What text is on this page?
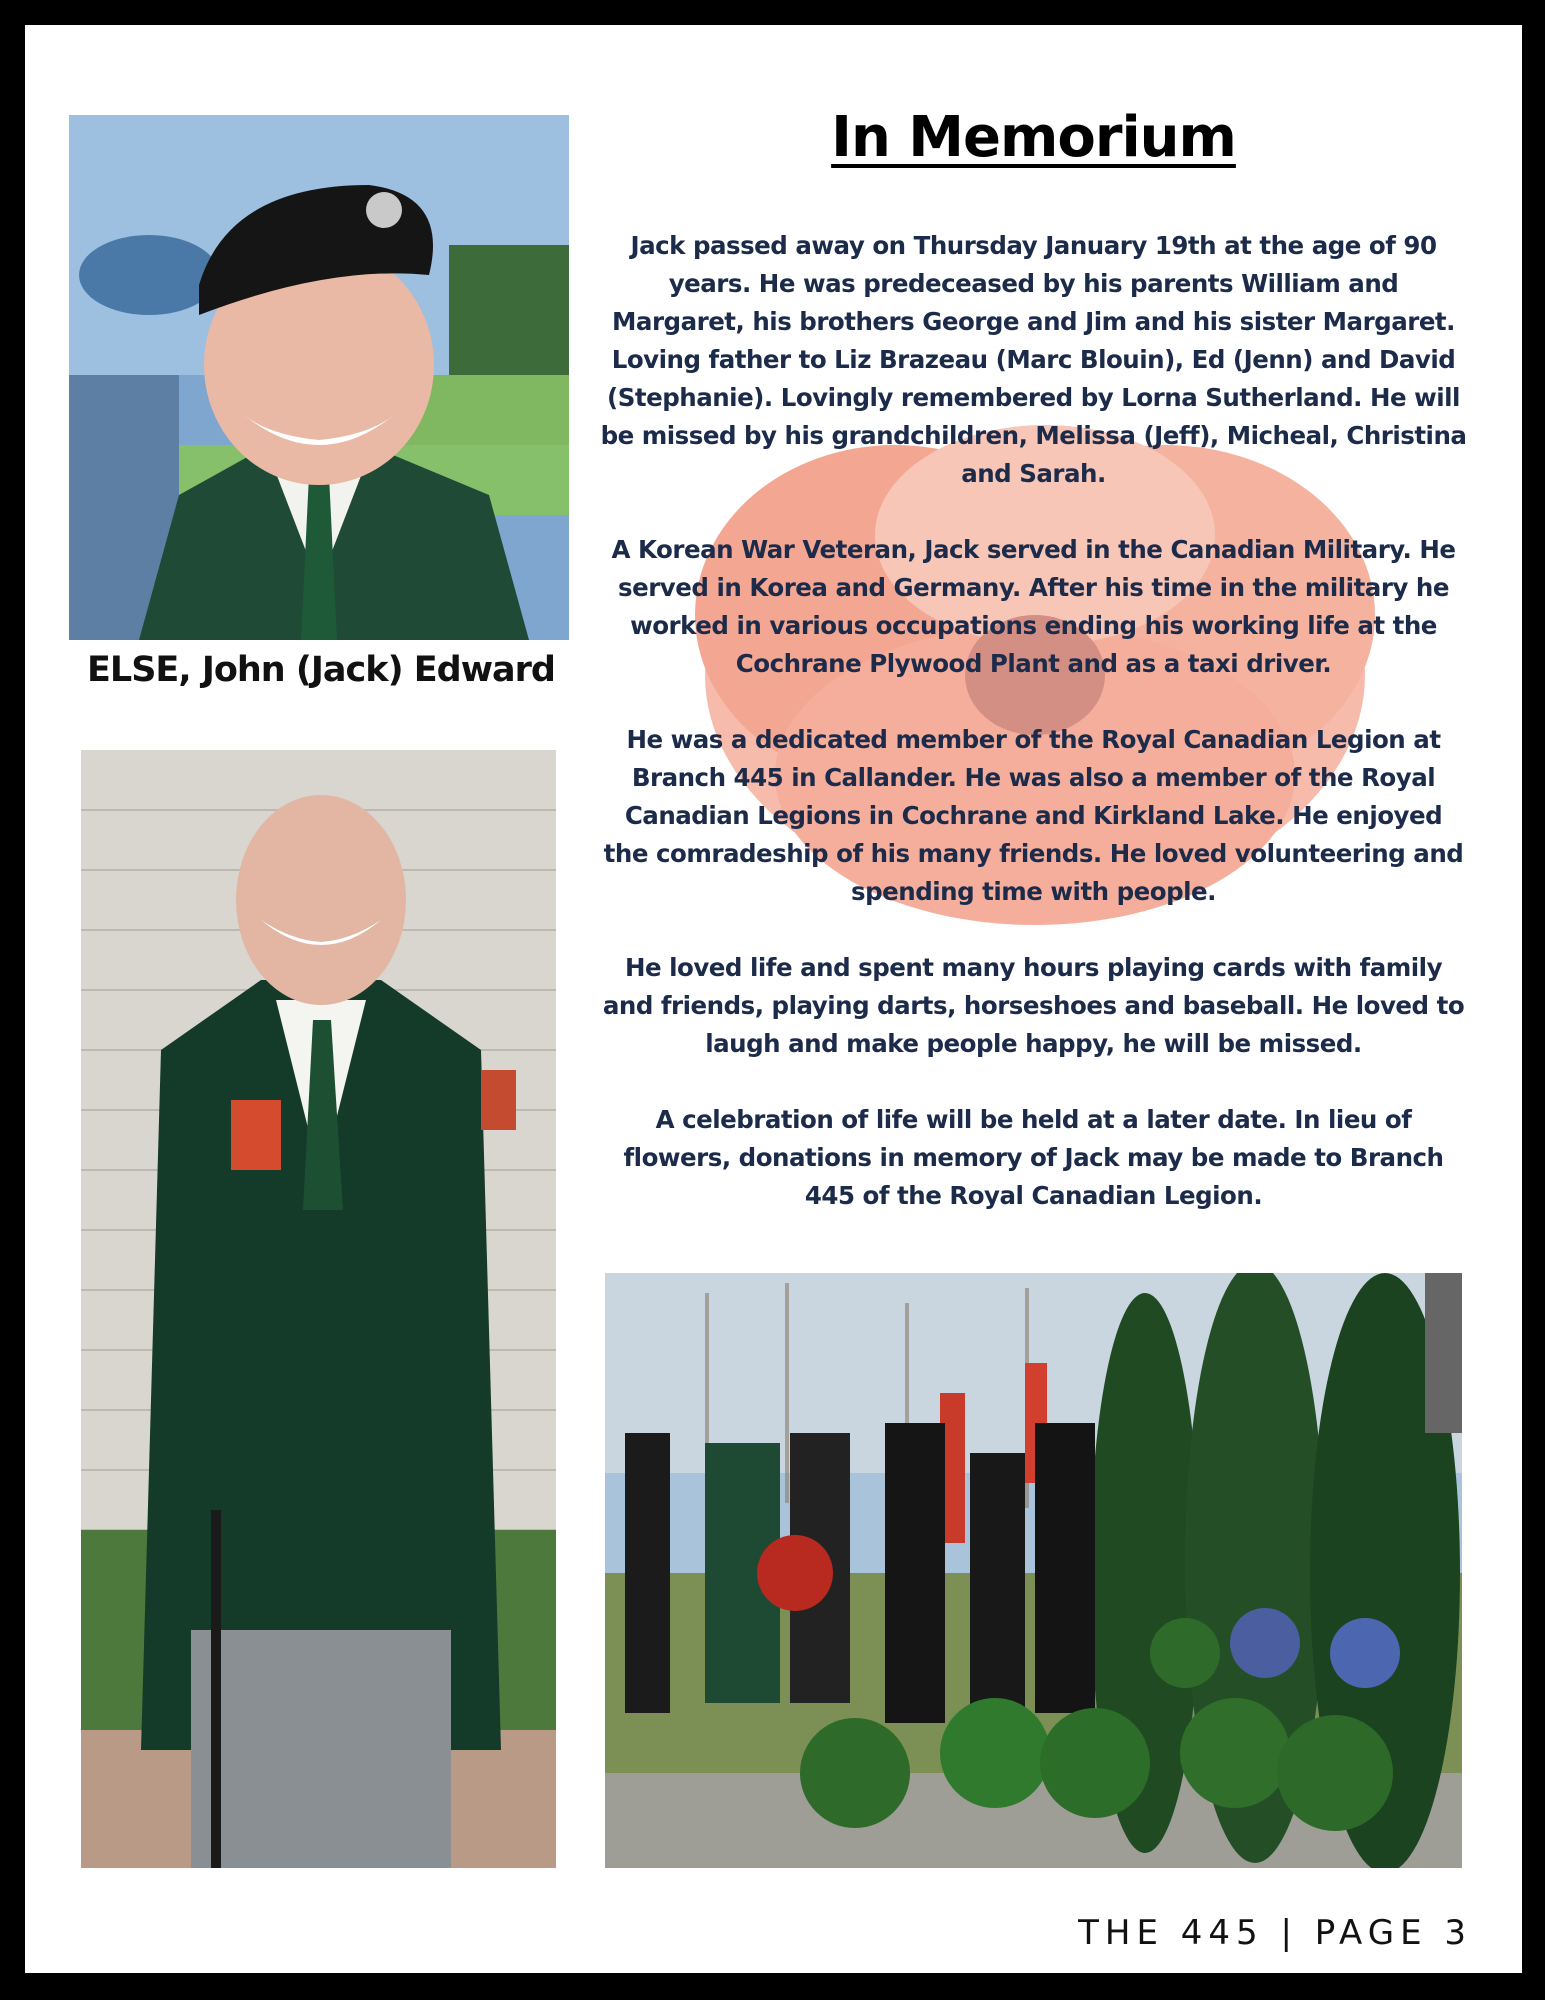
ELSE, John (Jack) Edward
In Memorium

Jack passed away on Thursday January 19th at the age of 90 years. He was predeceased by his parents William and Margaret, his brothers George and Jim and his sister Margaret. Loving father to Liz Brazeau (Marc Blouin), Ed (Jenn) and David (Stephanie). Lovingly remembered by Lorna Sutherland. He will be missed by his grandchildren, Melissa (Jeff), Micheal, Christina and Sarah.

A Korean War Veteran, Jack served in the Canadian Military. He served in Korea and Germany. After his time in the military he worked in various occupations ending his working life at the Cochrane Plywood Plant and as a taxi driver.

He was a dedicated member of the Royal Canadian Legion at Branch 445 in Callander. He was also a member of the Royal Canadian Legions in Cochrane and Kirkland Lake. He enjoyed the comradeship of his many friends. He loved volunteering and spending time with people.

He loved life and spent many hours playing cards with family and friends, playing darts, horseshoes and baseball. He loved to laugh and make people happy, he will be missed.

A celebration of life will be held at a later date. In lieu of flowers, donations in memory of Jack may be made to Branch 445 of the Royal Canadian Legion.

THE 445 | PAGE 3
